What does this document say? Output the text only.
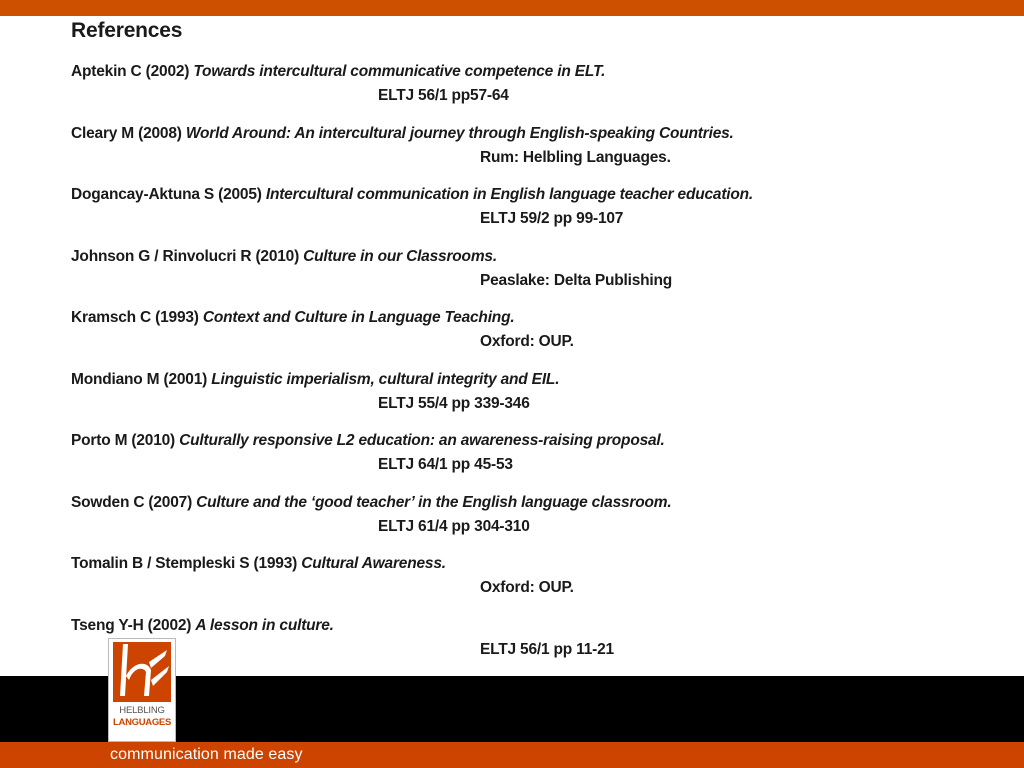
References
Aptekin C (2002) Towards intercultural communicative competence in ELT.
ELTJ 56/1 pp57-64
Cleary M (2008) World Around: An intercultural journey through English-speaking Countries.
Rum: Helbling Languages.
Dogancay-Aktuna S (2005) Intercultural communication in English language teacher education.
ELTJ 59/2 pp 99-107
Johnson G / Rinvolucri R (2010) Culture in our Classrooms.
Peaslake: Delta Publishing
Kramsch C (1993) Context and Culture in Language Teaching.
Oxford: OUP.
Mondiano M (2001) Linguistic imperialism, cultural integrity and EIL.
ELTJ 55/4 pp 339-346
Porto M (2010) Culturally responsive L2 education: an awareness-raising proposal.
ELTJ 64/1 pp 45-53
Sowden C (2007) Culture and the ‘good teacher’ in the English language classroom.
ELTJ 61/4 pp 304-310
Tomalin B / Stempleski S (1993) Cultural Awareness.
Oxford: OUP.
Tseng Y-H (2002) A lesson in culture.
ELTJ 56/1 pp 11-21
communication made easy
HELBLING
LANGUAGES
